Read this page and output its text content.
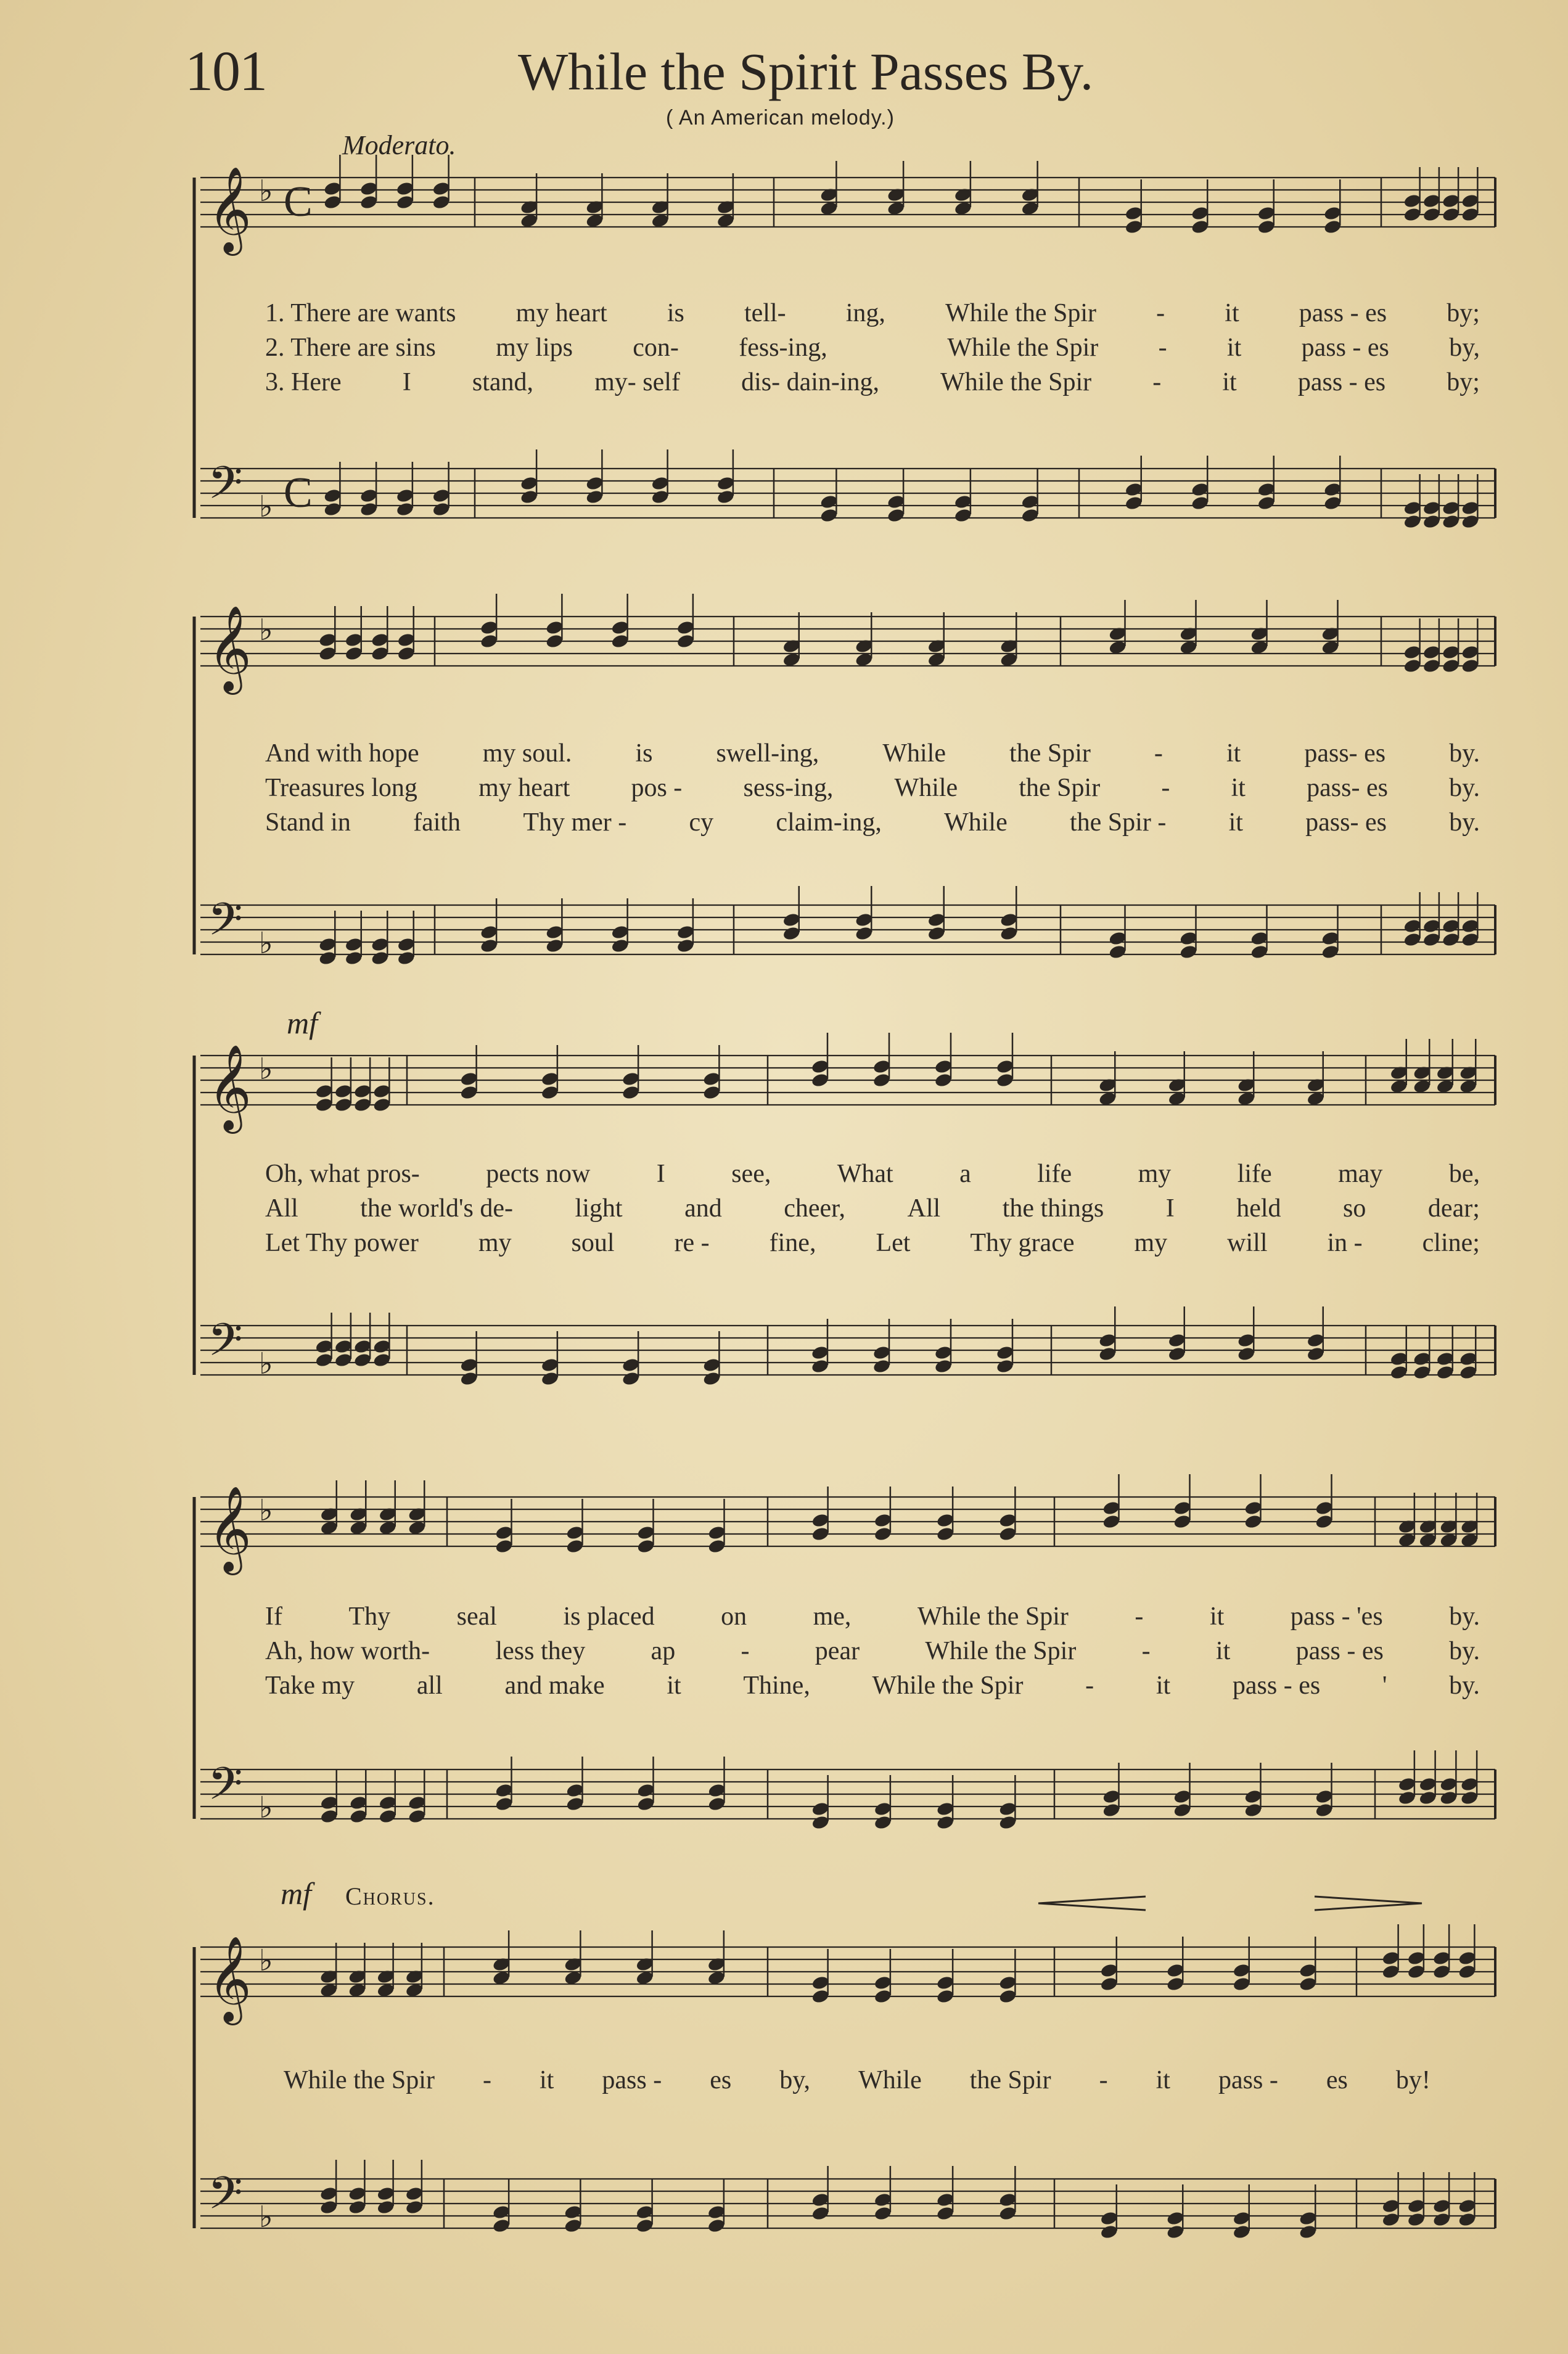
101	While the Spirit Passes By.
( An American melody.)
Moderato.
mf
mf Chorus.
𝄞 ♭ C
𝄢 ♭ C
𝄞 ♭
𝄢 ♭
𝄞 ♭
𝄢 ♭
𝄞 ♭
𝄢 ♭
𝄞 ♭
𝄢 ♭
1. There are wants my heart is tell- ing, While the Spir - it pass - es by;
2. There are sins my lips con- fess-ing,	While the Spir - it pass - es by,
3. Here I stand, my- self dis- dain-ing, While the Spir - it pass - es by;
And with hope my soul. is swell-ing, While the Spir - it pass- es by.
Treasures long my heart pos - sess-ing, While the Spir - it pass- es by.
Stand in faith Thy mer - cy claim-ing, While the Spir - it pass- es by.
Oh, what pros-	pects now	I	see,	What	a	life	my	life	may	be,
All the world's de- light and cheer, All the things I held so dear;
Let Thy power my soul re - fine, Let Thy grace my will in - cline;
If	Thy	seal	is placed	on	me,	While the Spir	-	it	pass - 'es	by.
Ah, how worth-	less they	ap	-	pear	While the Spir	-	it	pass - es	by.
Take my all and make it Thine, While the Spir - it pass - es ' by.
While the Spir - it pass - es by, While the Spir - it pass - es by!
